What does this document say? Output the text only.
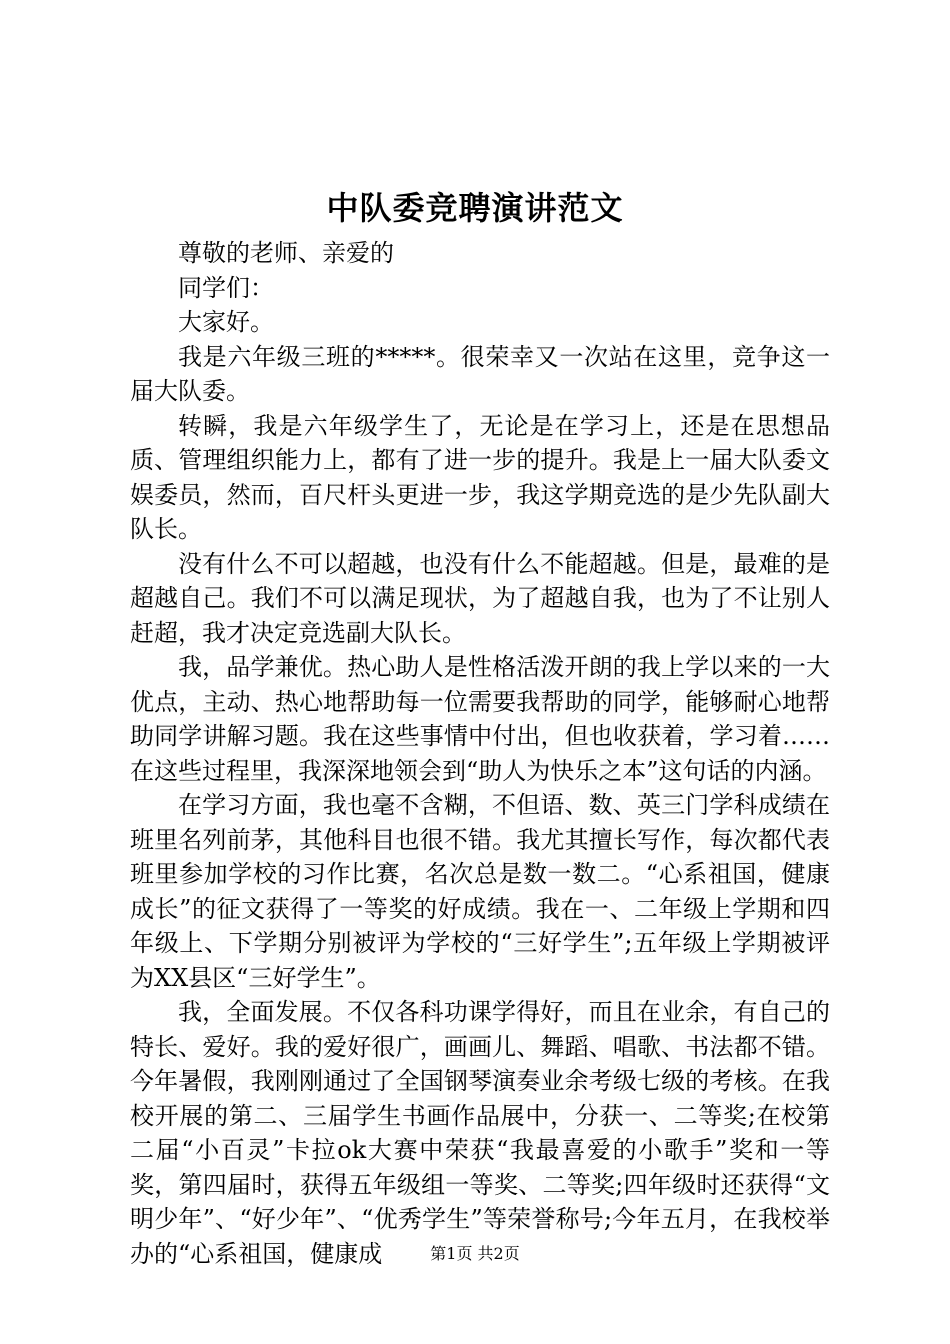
中队委竞聘演讲范文

尊敬的老师、亲爱的

同学们：

大家好。

我是六年级三班的*****。很荣幸又一次站在这里，竞争这一届大队委。

转瞬，我是六年级学生了，无论是在学习上，还是在思想品质、管理组织能力上，都有了进一步的提升。我是上一届大队委文娱委员，然而，百尺杆头更进一步，我这学期竞选的是少先队副大队长。

没有什么不可以超越，也没有什么不能超越。但是，最难的是超越自己。我们不可以满足现状，为了超越自我，也为了不让别人赶超，我才决定竞选副大队长。

我，品学兼优。热心助人是性格活泼开朗的我上学以来的一大优点，主动、热心地帮助每一位需要我帮助的同学，能够耐心地帮助同学讲解习题。我在这些事情中付出，但也收获着，学习着……在这些过程里，我深深地领会到“助人为快乐之本”这句话的内涵。

在学习方面，我也毫不含糊，不但语、数、英三门学科成绩在班里名列前茅，其他科目也很不错。我尤其擅长写作，每次都代表班里参加学校的习作比赛，名次总是数一数二。“心系祖国，健康成长”的征文获得了一等奖的好成绩。我在一、二年级上学期和四年级上、下学期分别被评为学校的“三好学生”;五年级上学期被评为XX县区“三好学生”。

我，全面发展。不仅各科功课学得好，而且在业余，有自己的特长、爱好。我的爱好很广，画画儿、舞蹈、唱歌、书法都不错。今年暑假，我刚刚通过了全国钢琴演奏业余考级七级的考核。在我校开展的第二、三届学生书画作品展中，分获一、二等奖;在校第二届“小百灵”卡拉ok大赛中荣获“我最喜爱的小歌手”奖和一等奖，第四届时，获得五年级组一等奖、二等奖;四年级时还获得“文明少年”、“好少年”、“优秀学生”等荣誉称号;今年五月，在我校举办的“心系祖国，健康成	第1页 共2页
